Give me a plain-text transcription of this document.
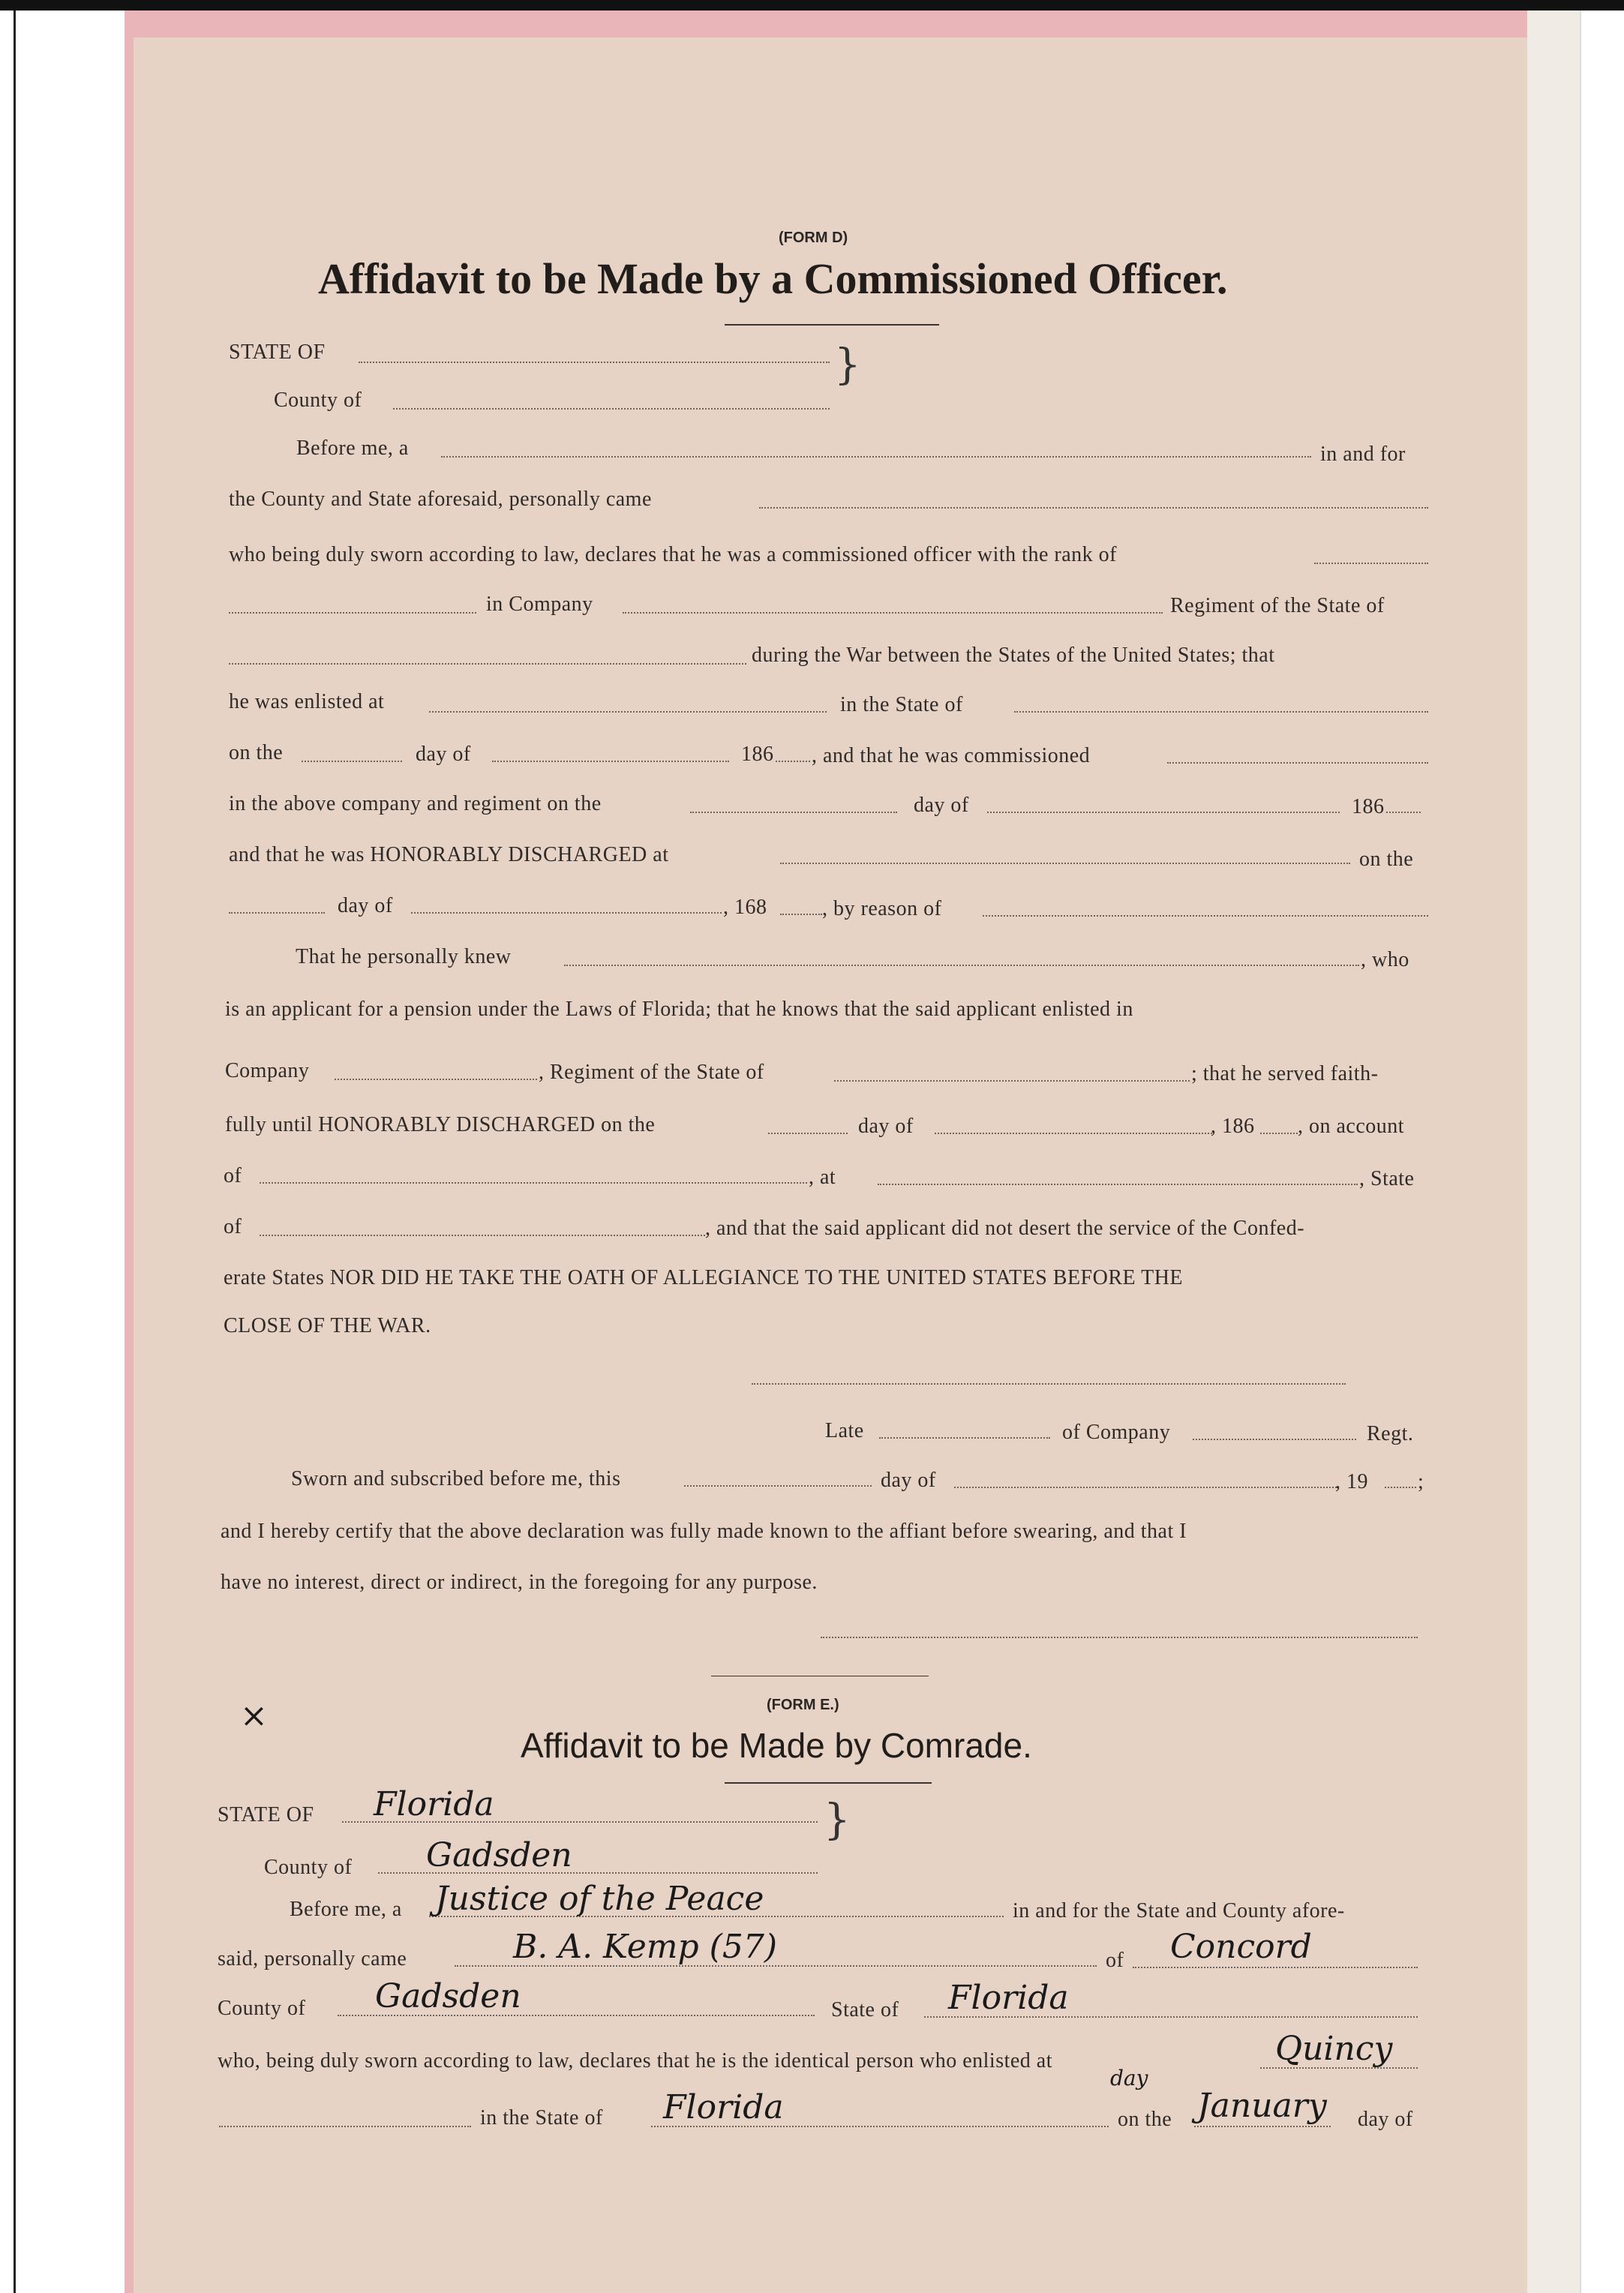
(FORM D)
Affidavit to be Made by a Commissioned Officer.
STATE OF
County of
}
Before me, a	in and for
the County and State aforesaid, personally came
who being duly sworn according to law, declares that he was a commissioned officer with the rank of
in Company	Regiment of the State of
during the War between the States of the United States; that
he was enlisted at	in the State of
on the	day of	186 , and that he was commissioned
in the above company and regiment on the	day of	186
and that he was HONORABLY DISCHARGED at	on the
day of	, 168	, by reason of
That he personally knew	, who
is an applicant for a pension under the Laws of Florida; that he knows that the said applicant enlisted in
Company	, Regiment of the State of	; that he served faith-
fully until HONORABLY DISCHARGED on the	day of	, 186 , on account
of	, at	, State
of	, and that the said applicant did not desert the service of the Confed-
erate States NOR DID HE TAKE THE OATH OF ALLEGIANCE TO THE UNITED STATES BEFORE THE
CLOSE OF THE WAR.
Late	of Company	Regt.
Sworn and subscribed before me, this	day of	, 19 ;
and I hereby certify that the above declaration was fully made known to the affiant before swearing, and that I
have no interest, direct or indirect, in the foregoing for any purpose.
×	(FORM E.)
Affidavit to be Made by Comrade.
STATE OF Florida	}
County of Gadsden
Before me, a Justice of the Peace	in and for the State and County afore-
said, personally came	B. A. Kemp (57)	of Concord
County of Gadsden	State of Florida
who, being duly sworn according to law, declares that he is the identical person who enlisted at	Quincy
in the State of Florida	on the
day
January day of
